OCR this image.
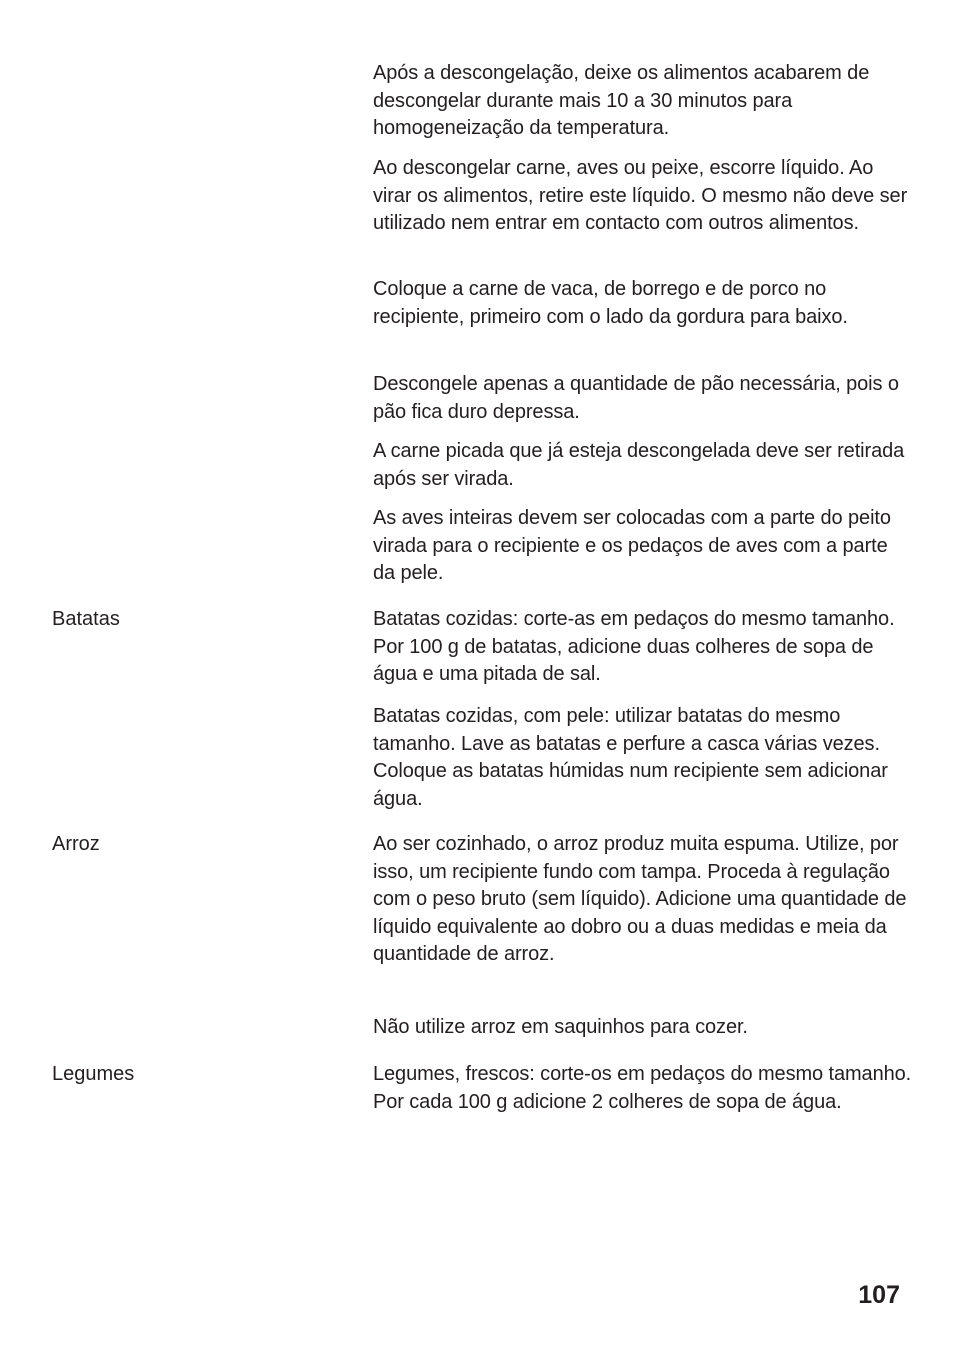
Após a descongelação, deixe os alimentos acabarem de descongelar durante mais 10 a 30 minutos para homogeneização da temperatura.

Ao descongelar carne, aves ou peixe, escorre líquido. Ao virar os alimentos, retire este líquido. O mesmo não deve ser utilizado nem entrar em contacto com outros alimentos.

Coloque a carne de vaca, de borrego e de porco no recipiente, primeiro com o lado da gordura para baixo.

Descongele apenas a quantidade de pão necessária, pois o pão fica duro depressa.

A carne picada que já esteja descongelada deve ser retirada após ser virada.

As aves inteiras devem ser colocadas com a parte do peito virada para o recipiente e os pedaços de aves com a parte da pele.

Batatas	Batatas cozidas: corte-as em pedaços do mesmo tamanho. Por 100 g de batatas, adicione duas colheres de sopa de água e uma pitada de sal.

Batatas cozidas, com pele: utilizar batatas do mesmo tamanho. Lave as batatas e perfure a casca várias vezes. Coloque as batatas húmidas num recipiente sem adicionar água.

Arroz	Ao ser cozinhado, o arroz produz muita espuma. Utilize, por isso, um recipiente fundo com tampa. Proceda à regulação com o peso bruto (sem líquido). Adicione uma quantidade de líquido equivalente ao dobro ou a duas medidas e meia da quantidade de arroz.

Não utilize arroz em saquinhos para cozer.

Legumes	Legumes, frescos: corte-os em pedaços do mesmo tamanho. Por cada 100 g adicione 2 colheres de sopa de água.

107
